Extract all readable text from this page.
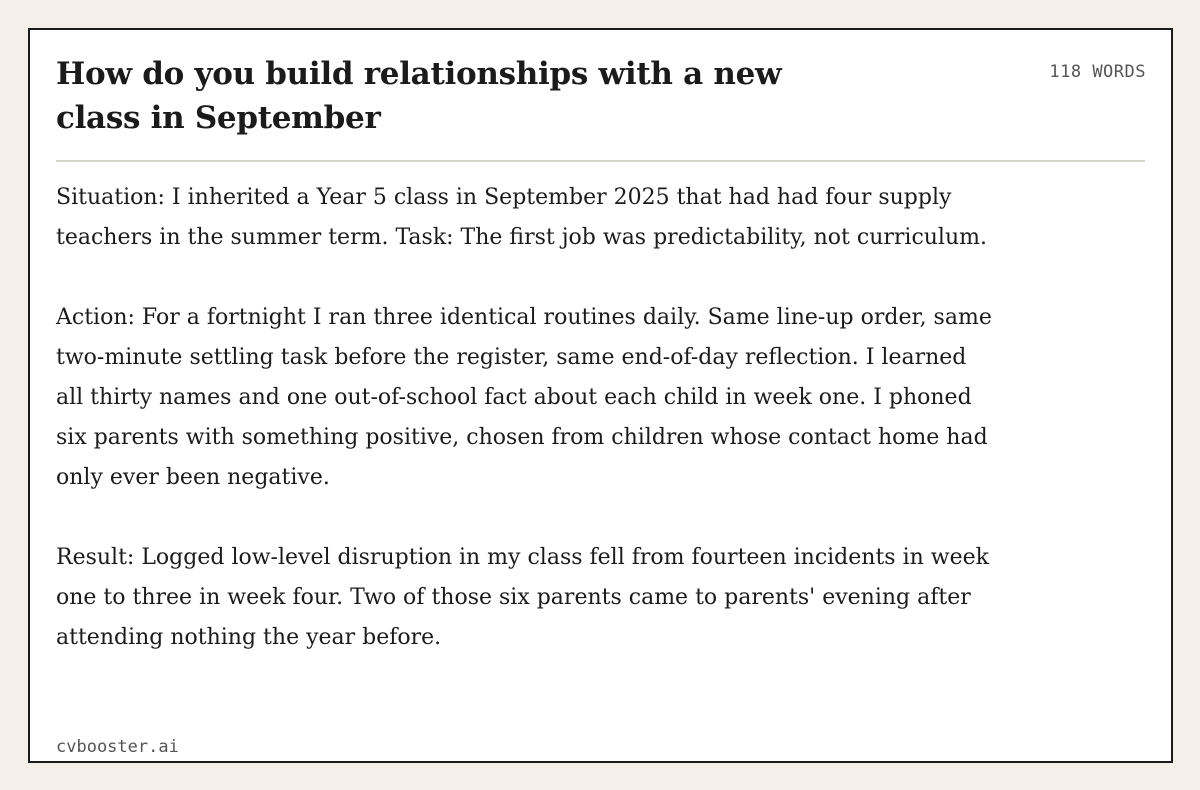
How do you build relationships with a new class in September
118 WORDS

Situation: I inherited a Year 5 class in September 2025 that had had four supply teachers in the summer term. Task: The first job was predictability, not curriculum.

Action: For a fortnight I ran three identical routines daily. Same line-up order, same two-minute settling task before the register, same end-of-day reflection. I learned all thirty names and one out-of-school fact about each child in week one. I phoned six parents with something positive, chosen from children whose contact home had only ever been negative.

Result: Logged low-level disruption in my class fell from fourteen incidents in week one to three in week four. Two of those six parents came to parents' evening after attending nothing the year before.

cvbooster.ai
